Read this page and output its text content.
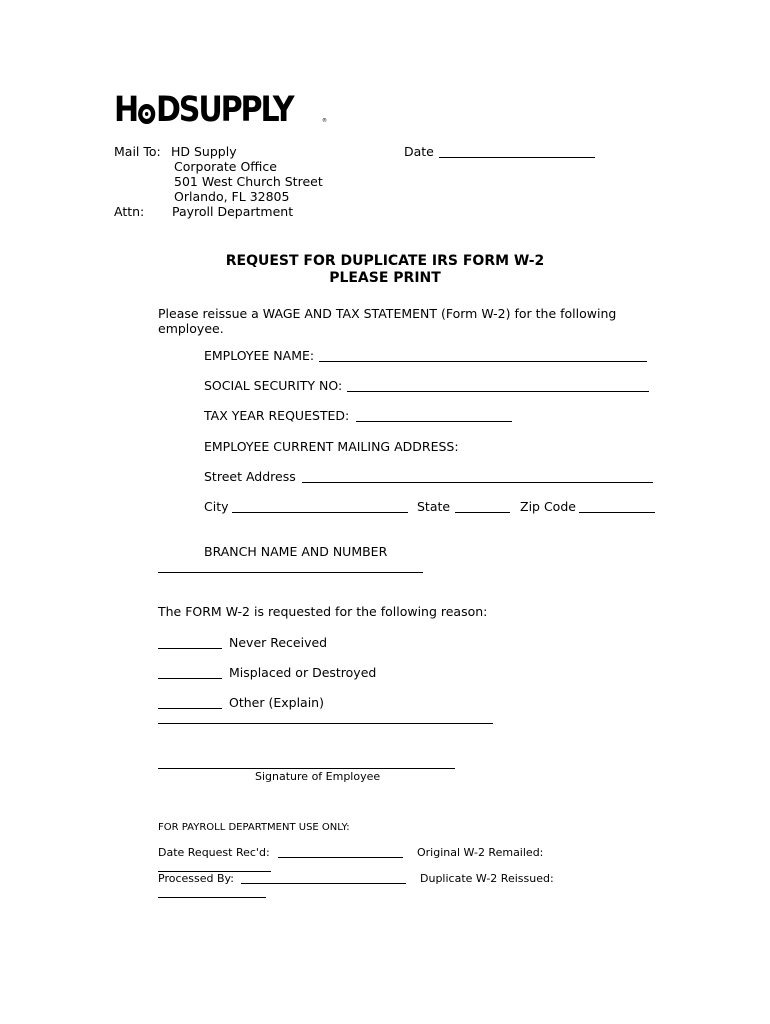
H DSUPPLY	®
Mail To: HD Supply
Corporate Office
501 West Church Street
Orlando, FL 32805
Attn: Payroll Department
Date
REQUEST FOR DUPLICATE IRS FORM W-2
PLEASE PRINT
Please reissue a WAGE AND TAX STATEMENT (Form W-2) for the following
employee.
EMPLOYEE NAME:
SOCIAL SECURITY NO:
TAX YEAR REQUESTED:
EMPLOYEE CURRENT MAILING ADDRESS:
Street Address
City	State	Zip Code
BRANCH NAME AND NUMBER
The FORM W-2 is requested for the following reason:
Never Received
Misplaced or Destroyed
Other (Explain)
Signature of Employee
FOR PAYROLL DEPARTMENT USE ONLY:
Date Request Rec'd:	Original W-2 Remailed:
Processed By:	Duplicate W-2 Reissued:
